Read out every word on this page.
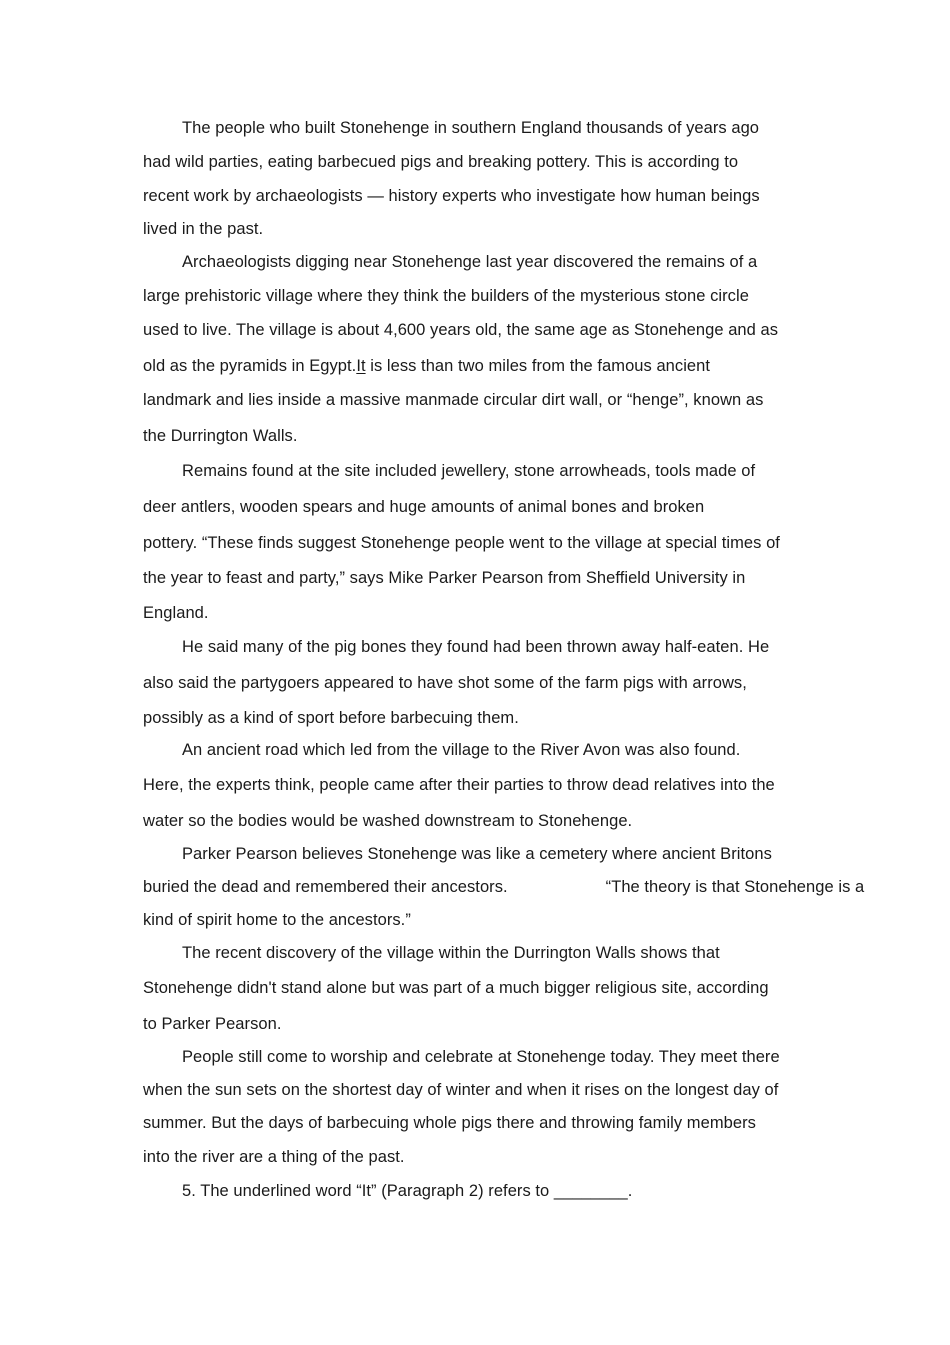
The people who built Stonehenge in southern England thousands of years ago
had wild parties, eating barbecued pigs and breaking pottery. This is according to
recent work by archaeologists — history experts who investigate how human beings
lived in the past.
Archaeologists digging near Stonehenge last year discovered the remains of a
large prehistoric village where they think the builders of the mysterious stone circle
used to live. The village is about 4,600 years old, the same age as Stonehenge and as
old as the pyramids in Egypt.It is less than two miles from the famous ancient
landmark and lies inside a massive manmade circular dirt wall, or “henge”, known as
the Durrington Walls.
Remains found at the site included jewellery, stone arrowheads, tools made of
deer antlers, wooden spears and huge amounts of animal bones and broken
pottery. “These finds suggest Stonehenge people went to the village at special times of
the year to feast and party,” says Mike Parker Pearson from Sheffield University in
England.
He said many of the pig bones they found had been thrown away half-eaten. He
also said the partygoers appeared to have shot some of the farm pigs with arrows,
possibly as a kind of sport before barbecuing them.
An ancient road which led from the village to the River Avon was also found.
Here, the experts think, people came after their parties to throw dead relatives into the
water so the bodies would be washed downstream to Stonehenge.
Parker Pearson believes Stonehenge was like a cemetery where ancient Britons
buried the dead and remembered their ancestors.	“The theory is that Stonehenge is a
kind of spirit home to the ancestors.”
The recent discovery of the village within the Durrington Walls shows that
Stonehenge didn't stand alone but was part of a much bigger religious site, according
to Parker Pearson.
People still come to worship and celebrate at Stonehenge today. They meet there
when the sun sets on the shortest day of winter and when it rises on the longest day of
summer. But the days of barbecuing whole pigs there and throwing family members
into the river are a thing of the past.
5. The underlined word “It” (Paragraph 2) refers to ________.
